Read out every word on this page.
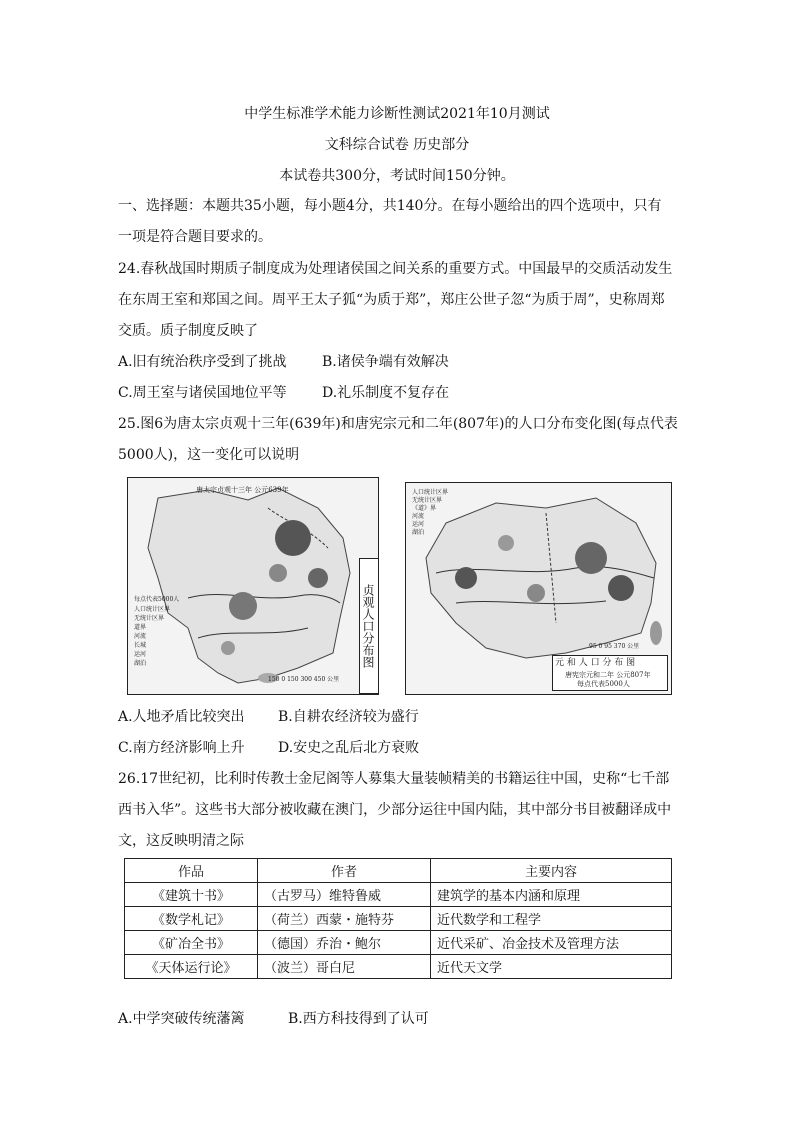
中学生标准学术能力诊断性测试2021年10月测试
文科综合试卷 历史部分
本试卷共300分，考试时间150分钟。
一、选择题：本题共35小题，每小题4分，共140分。在每小题给出的四个选项中，只有
一项是符合题目要求的。
24.春秋战国时期质子制度成为处理诸侯国之间关系的重要方式。中国最早的交质活动发生
在东周王室和郑国之间。周平王太子狐“为质于郑”，郑庄公世子忽“为质于周”，史称周郑
交质。质子制度反映了
A.旧有统治秩序受到了挑战	B.诸侯争端有效解决
C.周王室与诸侯国地位平等	D.礼乐制度不复存在
25.图6为唐太宗贞观十三年(639年)和唐宪宗元和二年(807年)的人口分布变化图(每点代表
5000人)，这一变化可以说明
唐太宗贞观十三年 公元639年
每点代表5000人
人口统计区界
无统计区界
道界
河流
长城
运河
湖泊
150 0 150 300 450 公里
贞观人口分布图
人口统计区界
无统计区界
《道》界
河流
运河
湖泊
95 0 95 370 公里
元 和 人 口 分 布 图
唐宪宗元和二年 公元807年
每点代表5000人
A.人地矛盾比较突出 B.自耕农经济较为盛行
C.南方经济影响上升 D.安史之乱后北方衰败
26.17世纪初，比利时传教士金尼阁等人募集大量装帧精美的书籍运往中国，史称“七千部
西书入华”。这些书大部分被收藏在澳门，少部分运往中国内陆，其中部分书目被翻译成中
文，这反映明清之际
作品	作者	主要内容
《建筑十书》	（古罗马）维特鲁威	建筑学的基本内涵和原理
《数学札记》	（荷兰）西蒙・施特芬	近代数学和工程学
《矿冶全书》	（德国）乔治・鲍尔	近代采矿、冶金技术及管理方法
《天体运行论》	（波兰）哥白尼	近代天文学
A.中学突破传统藩篱	B.西方科技得到了认可
